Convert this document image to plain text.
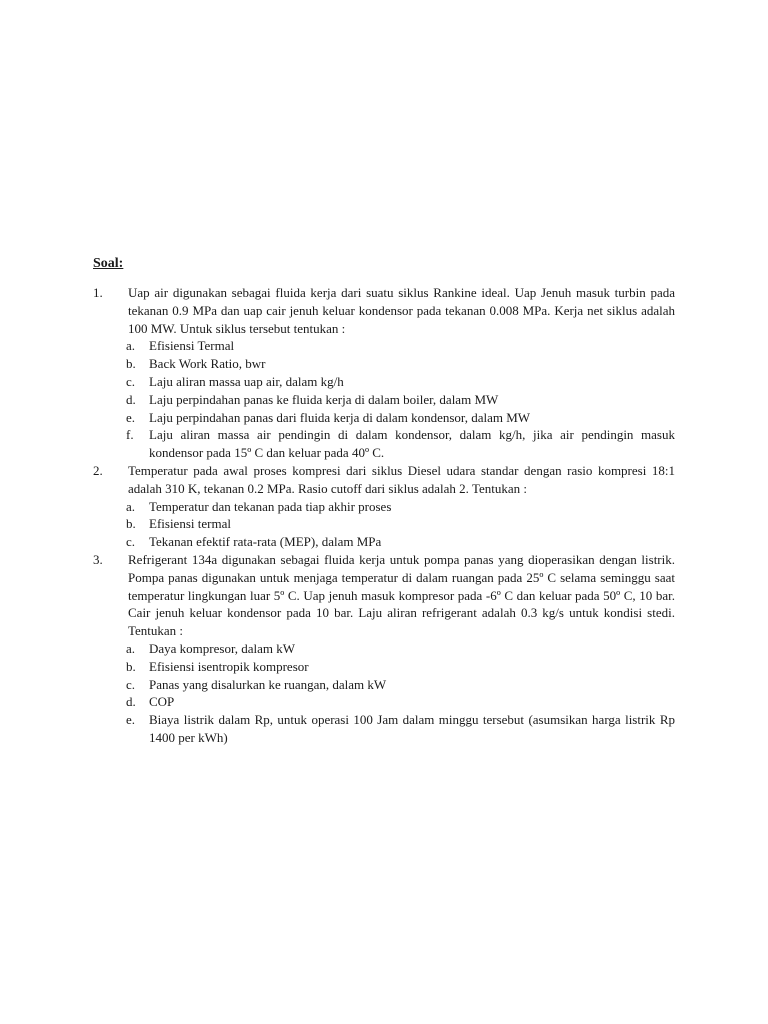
Soal:
1. Uap air digunakan sebagai fluida kerja dari suatu siklus Rankine ideal. Uap Jenuh masuk turbin pada tekanan 0.9 MPa dan uap cair jenuh keluar kondensor pada tekanan 0.008 MPa. Kerja net siklus adalah 100 MW. Untuk siklus tersebut tentukan :
a. Efisiensi Termal
b. Back Work Ratio, bwr
c. Laju aliran massa uap air, dalam kg/h
d. Laju perpindahan panas ke fluida kerja di dalam boiler, dalam MW
e. Laju perpindahan panas dari fluida kerja di dalam kondensor, dalam MW
f. Laju aliran massa air pendingin di dalam kondensor, dalam kg/h, jika air pendingin masuk kondensor pada 15º C dan keluar pada 40º C.
2. Temperatur pada awal proses kompresi dari siklus Diesel udara standar dengan rasio kompresi 18:1 adalah 310 K, tekanan 0.2 MPa. Rasio cutoff dari siklus adalah 2. Tentukan :
a. Temperatur dan tekanan pada tiap akhir proses
b. Efisiensi termal
c. Tekanan efektif rata-rata (MEP), dalam MPa
3. Refrigerant 134a digunakan sebagai fluida kerja untuk pompa panas yang dioperasikan dengan listrik. Pompa panas digunakan untuk menjaga temperatur di dalam ruangan pada 25º C selama seminggu saat temperatur lingkungan luar 5º C. Uap jenuh masuk kompresor pada -6º C dan keluar pada 50º C, 10 bar. Cair jenuh keluar kondensor pada 10 bar. Laju aliran refrigerant adalah 0.3 kg/s untuk kondisi stedi. Tentukan :
a. Daya kompresor, dalam kW
b. Efisiensi isentropik kompresor
c. Panas yang disalurkan ke ruangan, dalam kW
d. COP
e. Biaya listrik dalam Rp, untuk operasi 100 Jam dalam minggu tersebut (asumsikan harga listrik Rp 1400 per kWh)
